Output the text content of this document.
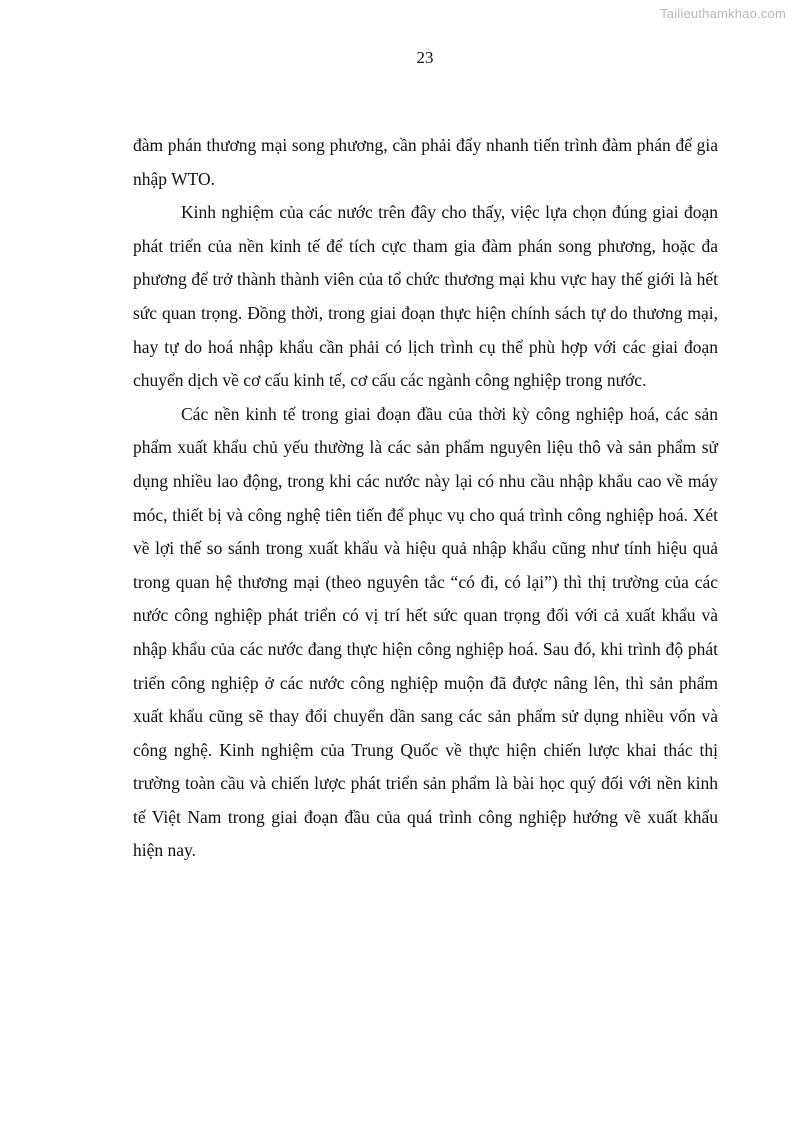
Tailieuthamkhao.com
23

đàm phán thương mại song phương, cần phải đẩy nhanh tiến trình đàm phán để gia nhập WTO.

Kinh nghiệm của các nước trên đây cho thấy, việc lựa chọn đúng giai đoạn phát triển của nền kinh tế để tích cực tham gia đàm phán song phương, hoặc đa phương để trở thành thành viên của tổ chức thương mại khu vực hay thế giới là hết sức quan trọng. Đồng thời, trong giai đoạn thực hiện chính sách tự do thương mại, hay tự do hoá nhập khẩu cần phải có lịch trình cụ thể phù hợp với các giai đoạn chuyển dịch về cơ cấu kinh tế, cơ cấu các ngành công nghiệp trong nước.

Các nền kinh tế trong giai đoạn đầu của thời kỳ công nghiệp hoá, các sản phẩm xuất khẩu chủ yếu thường là các sản phẩm nguyên liệu thô và sản phẩm sử dụng nhiều lao động, trong khi các nước này lại có nhu cầu nhập khẩu cao về máy móc, thiết bị và công nghệ tiên tiến để phục vụ cho quá trình công nghiệp hoá. Xét về lợi thế so sánh trong xuất khẩu và hiệu quả nhập khẩu cũng như tính hiệu quả trong quan hệ thương mại (theo nguyên tắc “có đi, có lại”) thì thị trường của các nước công nghiệp phát triển có vị trí hết sức quan trọng đối với cả xuất khẩu và nhập khẩu của các nước đang thực hiện công nghiệp hoá. Sau đó, khi trình độ phát triển công nghiệp ở các nước công nghiệp muộn đã được nâng lên, thì sản phẩm xuất khẩu cũng sẽ thay đổi chuyển dần sang các sản phẩm sử dụng nhiều vốn và công nghệ. Kinh nghiệm của Trung Quốc về thực hiện chiến lược khai thác thị trường toàn cầu và chiến lược phát triển sản phẩm là bài học quý đối với nền kinh tế Việt Nam trong giai đoạn đầu của quá trình công nghiệp hướng về xuất khẩu hiện nay.
